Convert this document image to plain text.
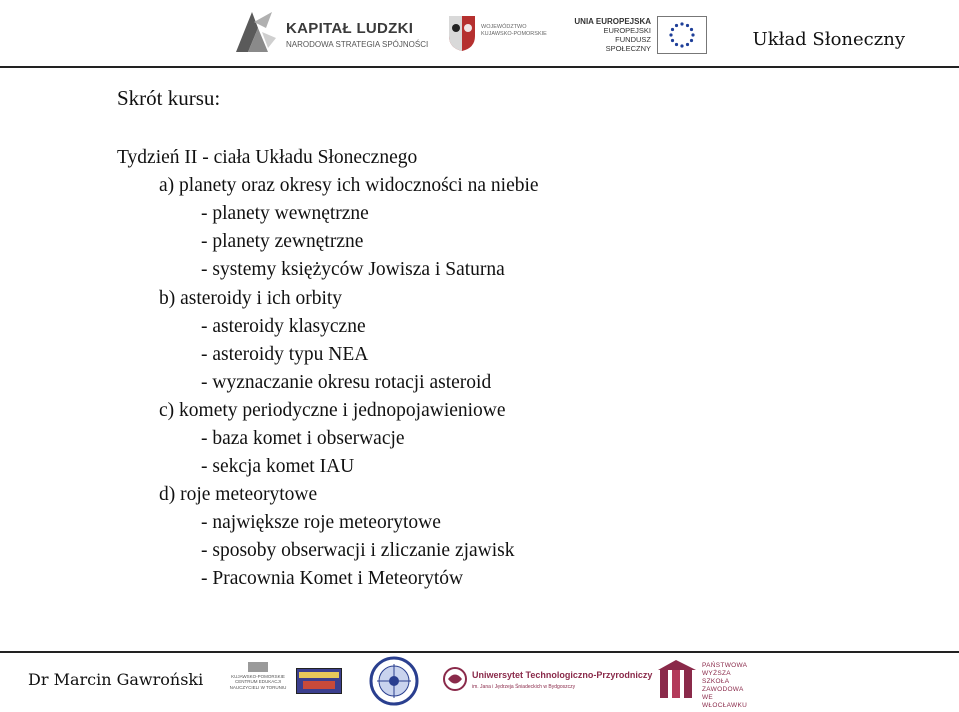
KAPITAŁ LUDZKI
NARODOWA STRATEGIA SPÓJNOŚCI
WOJEWÓDZTWO KUJAWSKO-POMORSKIE
UNIA EUROPEJSKA
EUROPEJSKI
FUNDUSZ SPOŁECZNY	Układ Słoneczny
Skrót kursu:
Tydzień II - ciała Układu Słonecznego
a) planety oraz okresy ich widoczności na niebie
- planety wewnętrzne
- planety zewnętrzne
- systemy księżyców Jowisza i Saturna
b) asteroidy i ich orbity
- asteroidy klasyczne
- asteroidy typu NEA
- wyznaczanie okresu rotacji asteroid
c) komety periodyczne i jednopojawieniowe
- baza komet i obserwacje
- sekcja komet IAU
d) roje meteorytowe
- największe roje meteorytowe
- sposoby obserwacji i zliczanie zjawisk
- Pracownia Komet i Meteorytów
Dr Marcin Gawroński	KUJAWSKO-POMORSKIE CENTRUM EDUKACJI NAUCZYCIELI W TORUNIU
Uniwersytet Technologiczno-Przyrodniczy
im. Jana i Jędrzeja Śniadeckich w Bydgoszczy
PAŃSTWOWA WYŻSZA SZKOŁA ZAWODOWA WE WŁOCŁAWKU
